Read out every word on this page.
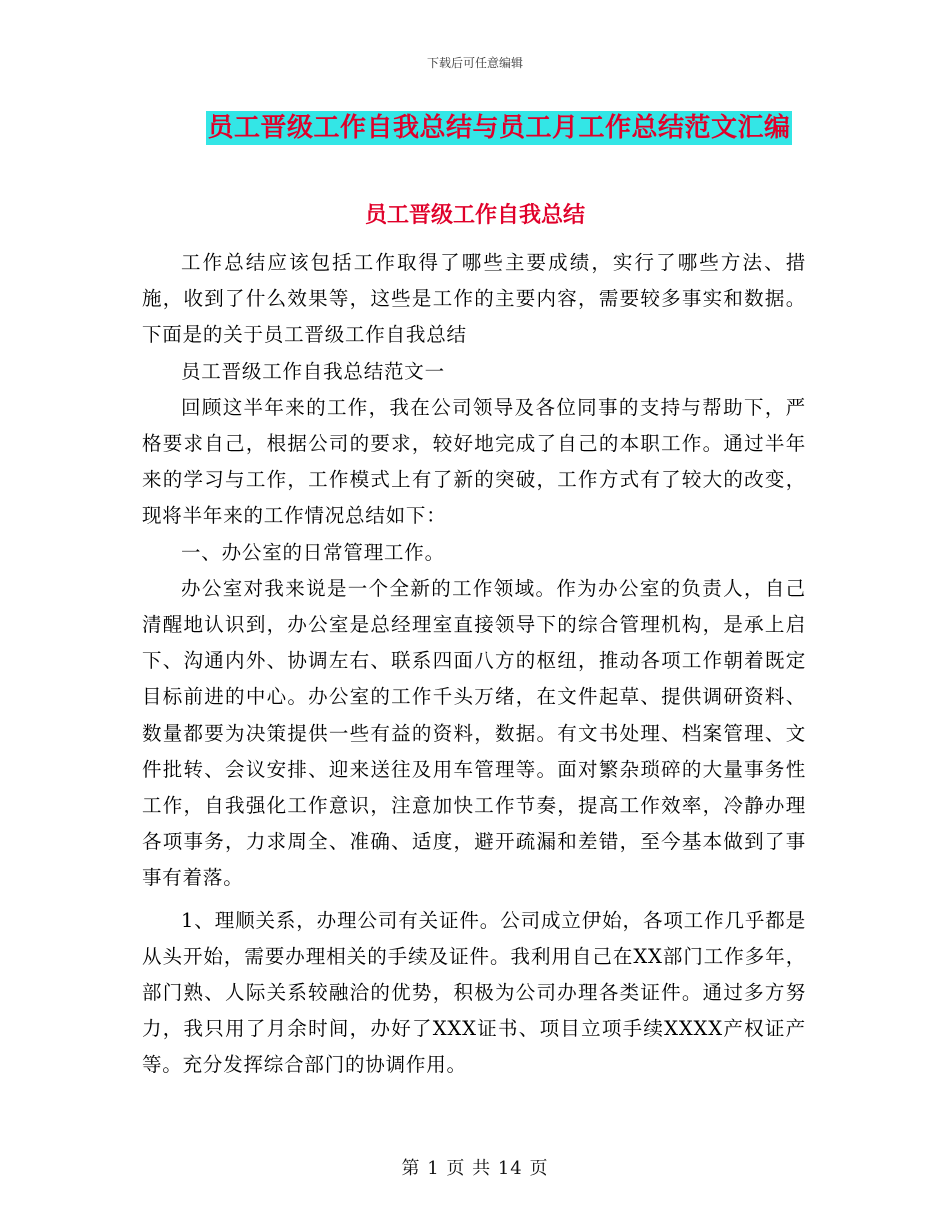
下载后可任意编辑
员工晋级工作自我总结与员工月工作总结范文汇编
员工晋级工作自我总结

工作总结应该包括工作取得了哪些主要成绩，实行了哪些方法、措施，收到了什么效果等，这些是工作的主要内容，需要较多事实和数据。下面是的关于员工晋级工作自我总结

员工晋级工作自我总结范文一

回顾这半年来的工作，我在公司领导及各位同事的支持与帮助下，严格要求自己，根据公司的要求，较好地完成了自己的本职工作。通过半年来的学习与工作，工作模式上有了新的突破，工作方式有了较大的改变，现将半年来的工作情况总结如下：

一、办公室的日常管理工作。

办公室对我来说是一个全新的工作领域。作为办公室的负责人，自己清醒地认识到，办公室是总经理室直接领导下的综合管理机构，是承上启下、沟通内外、协调左右、联系四面八方的枢纽，推动各项工作朝着既定目标前进的中心。办公室的工作千头万绪，在文件起草、提供调研资料、数量都要为决策提供一些有益的资料，数据。有文书处理、档案管理、文件批转、会议安排、迎来送往及用车管理等。面对繁杂琐碎的大量事务性工作，自我强化工作意识，注意加快工作节奏，提高工作效率，冷静办理各项事务，力求周全、准确、适度，避开疏漏和差错，至今基本做到了事事有着落。

1、理顺关系，办理公司有关证件。公司成立伊始，各项工作几乎都是从头开始，需要办理相关的手续及证件。我利用自己在XX部门工作多年，部门熟、人际关系较融洽的优势，积极为公司办理各类证件。通过多方努力，我只用了月余时间，办好了XXX证书、项目立项手续XXXX产权证产等。充分发挥综合部门的协调作用。

第 1 页 共 14 页
